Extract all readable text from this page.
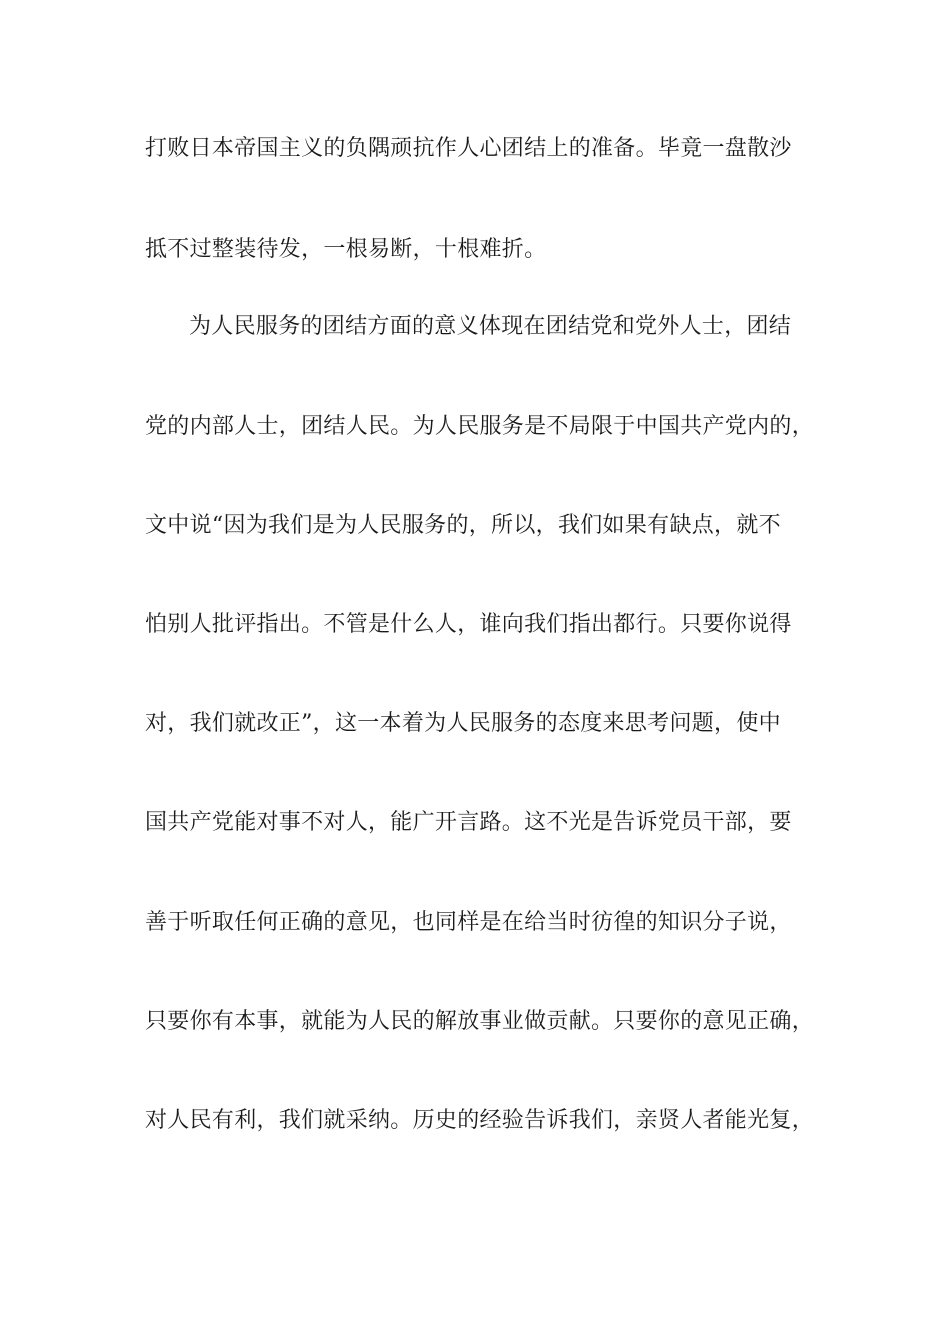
打败日本帝国主义的负隅顽抗作人心团结上的准备。毕竟一盘散沙
抵不过整装待发，一根易断，十根难折。
为人民服务的团结方面的意义体现在团结党和党外人士，团结
党的内部人士，团结人民。为人民服务是不局限于中国共产党内的，
文中说“因为我们是为人民服务的，所以，我们如果有缺点，就不
怕别人批评指出。不管是什么人，谁向我们指出都行。只要你说得
对，我们就改正”，这一本着为人民服务的态度来思考问题，使中
国共产党能对事不对人，能广开言路。这不光是告诉党员干部，要
善于听取任何正确的意见，也同样是在给当时彷徨的知识分子说，
只要你有本事，就能为人民的解放事业做贡献。只要你的意见正确，
对人民有利，我们就采纳。历史的经验告诉我们，亲贤人者能光复，
